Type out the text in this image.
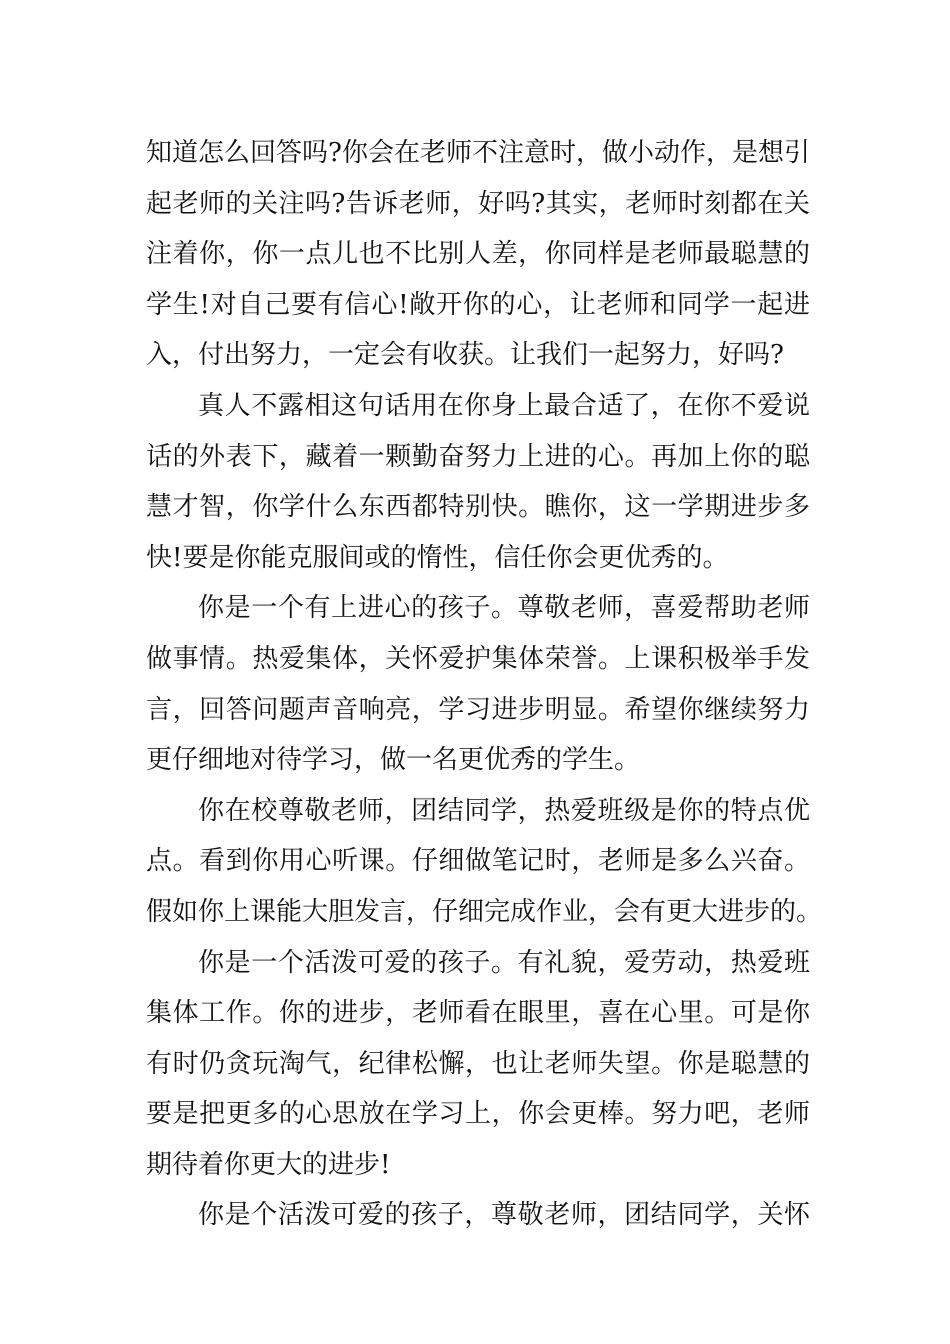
知道怎么回答吗?你会在老师不注意时，做小动作，是想引
起老师的关注吗?告诉老师，好吗?其实，老师时刻都在关
注着你，你一点儿也不比别人差，你同样是老师最聪慧的
学生!对自己要有信心!敞开你的心，让老师和同学一起进
入，付出努力，一定会有收获。让我们一起努力，好吗?
真人不露相这句话用在你身上最合适了，在你不爱说
话的外表下，藏着一颗勤奋努力上进的心。再加上你的聪
慧才智，你学什么东西都特别快。瞧你，这一学期进步多
快!要是你能克服间或的惰性，信任你会更优秀的。
你是一个有上进心的孩子。尊敬老师，喜爱帮助老师
做事情。热爱集体，关怀爱护集体荣誉。上课积极举手发
言，回答问题声音响亮，学习进步明显。希望你继续努力
更仔细地对待学习，做一名更优秀的学生。
你在校尊敬老师，团结同学，热爱班级是你的特点优
点。看到你用心听课。仔细做笔记时，老师是多么兴奋。
假如你上课能大胆发言，仔细完成作业，会有更大进步的。
你是一个活泼可爱的孩子。有礼貌，爱劳动，热爱班
集体工作。你的进步，老师看在眼里，喜在心里。可是你
有时仍贪玩淘气，纪律松懈，也让老师失望。你是聪慧的
要是把更多的心思放在学习上，你会更棒。努力吧，老师
期待着你更大的进步!
你是个活泼可爱的孩子，尊敬老师，团结同学，关怀
